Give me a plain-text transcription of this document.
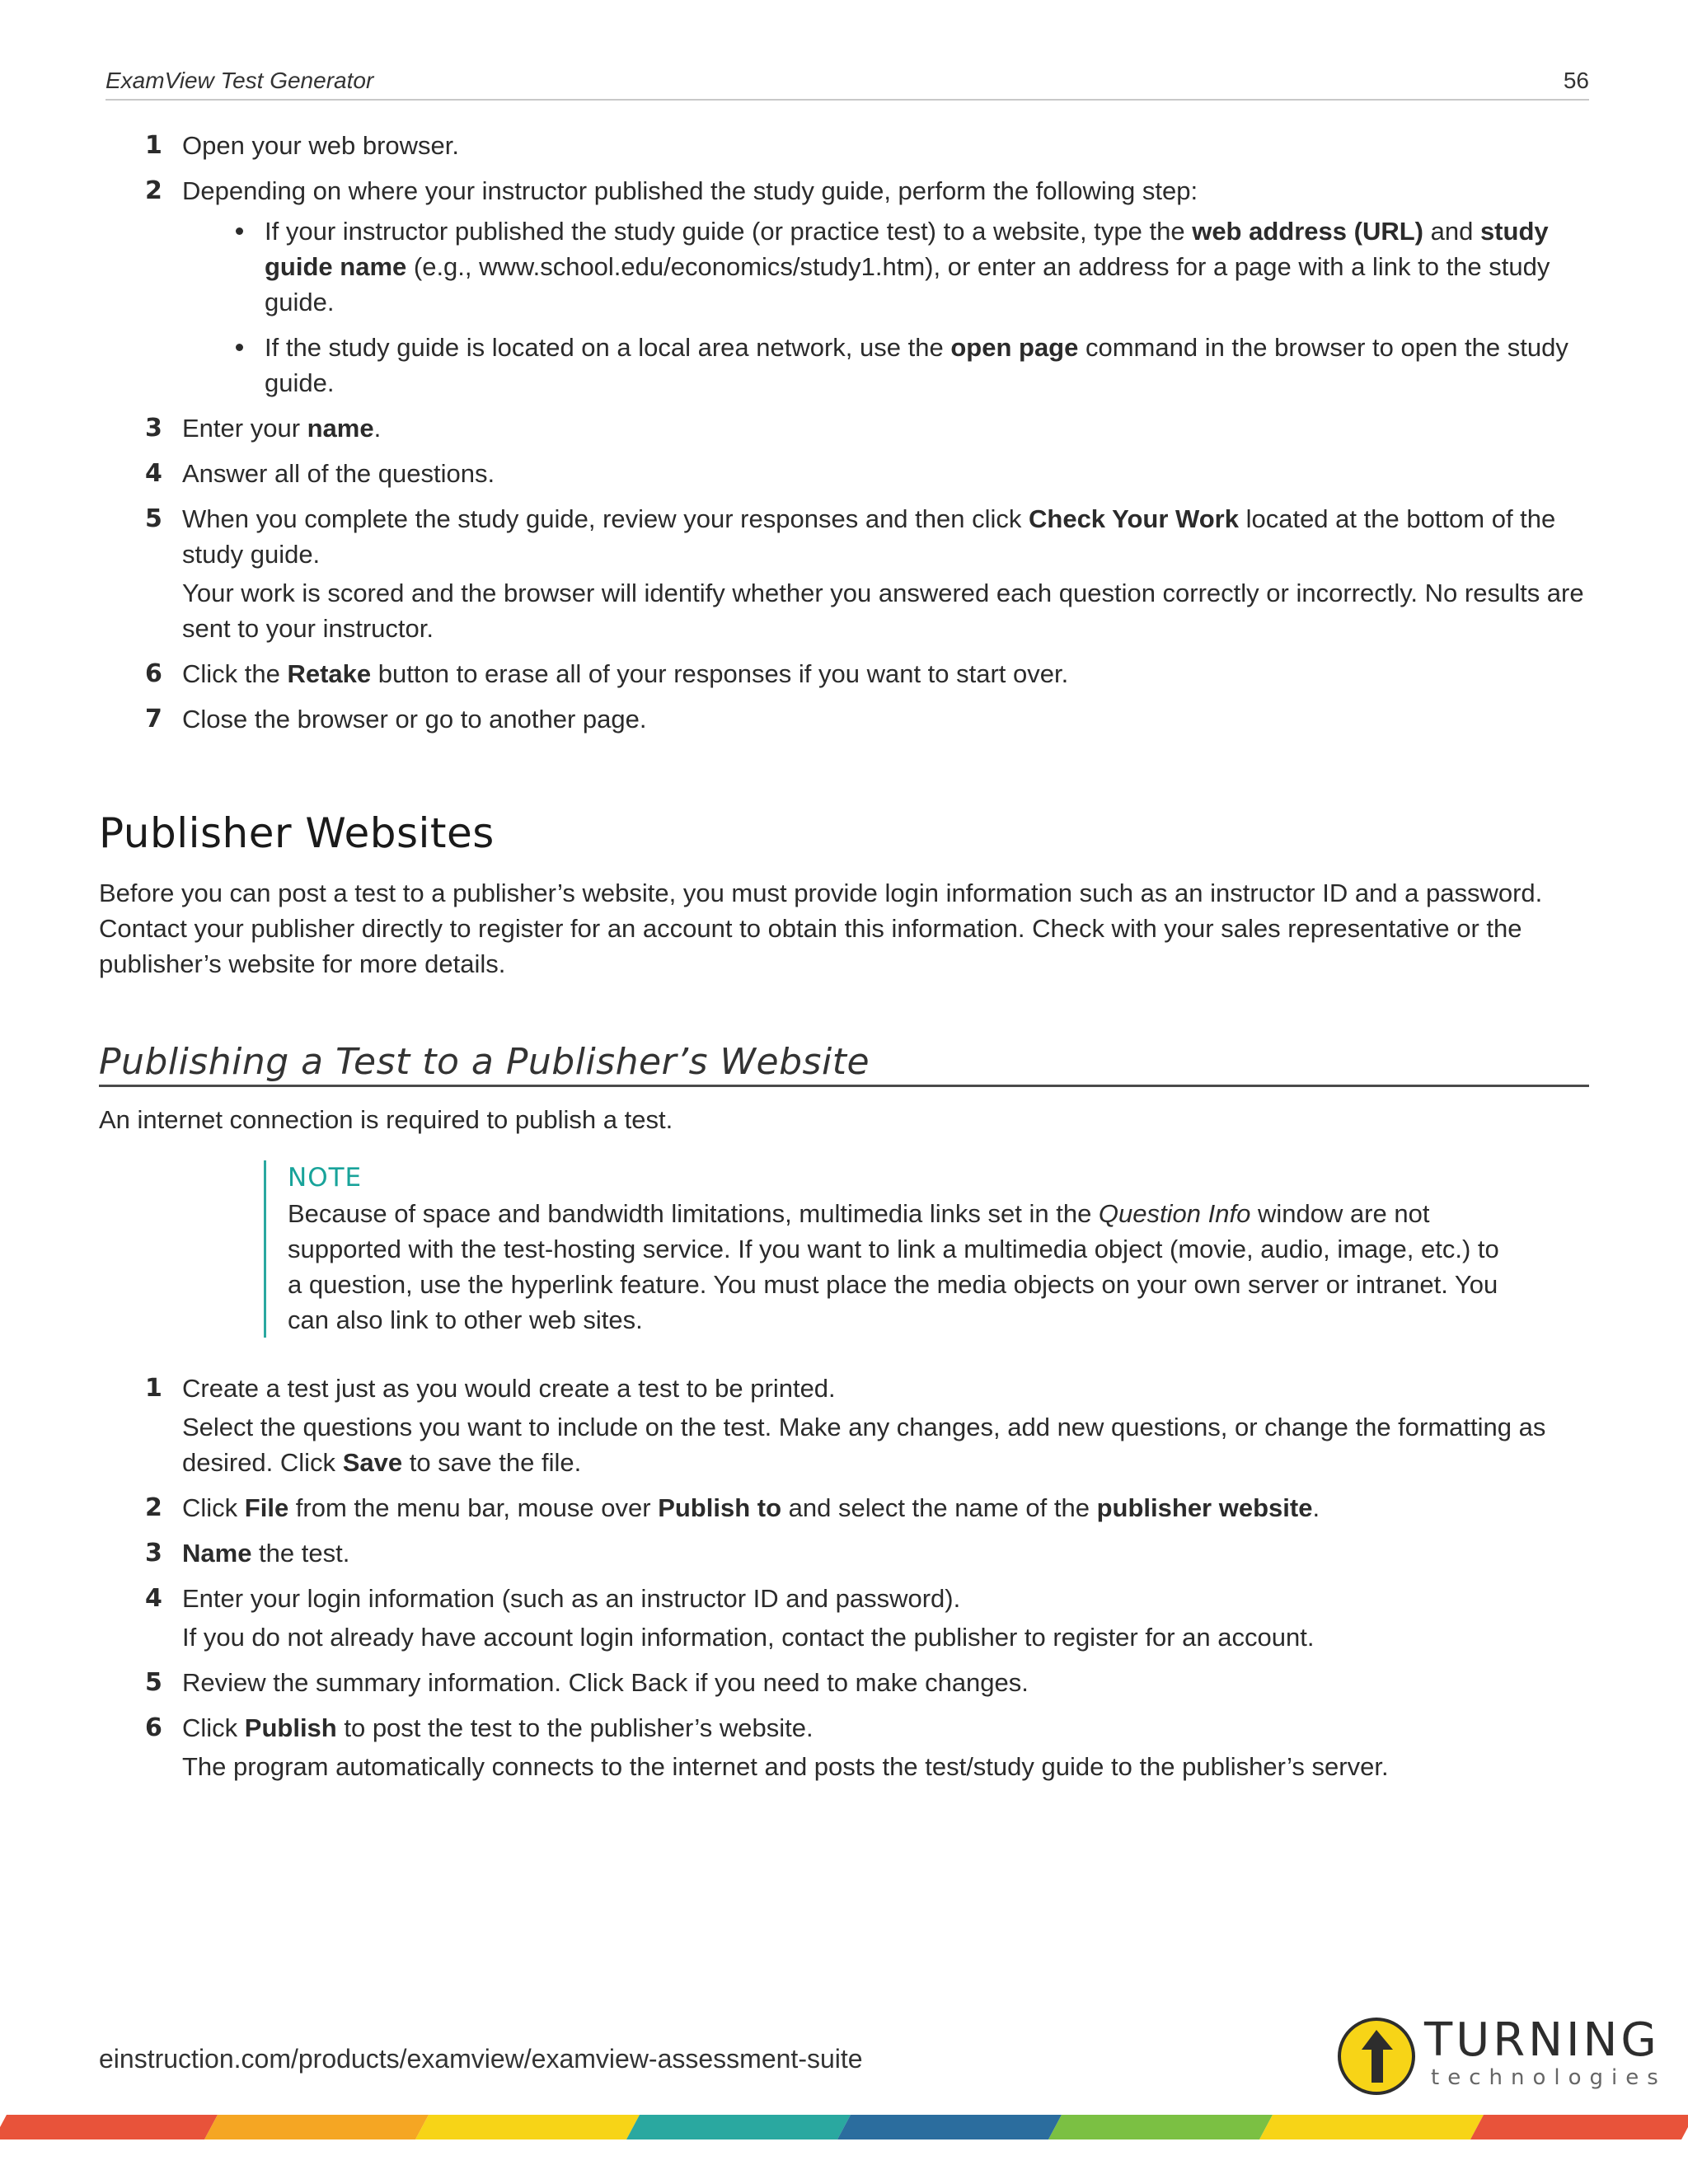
ExamView Test Generator	56
1 Open your web browser.
2 Depending on where your instructor published the study guide, perform the following step:
If your instructor published the study guide (or practice test) to a website, type the web address (URL) and study guide name (e.g., www.school.edu/economics/study1.htm), or enter an address for a page with a link to the study guide.
If the study guide is located on a local area network, use the open page command in the browser to open the study guide.
3 Enter your name.
4 Answer all of the questions.
5 When you complete the study guide, review your responses and then click Check Your Work located at the bottom of the study guide.
Your work is scored and the browser will identify whether you answered each question correctly or incorrectly. No results are sent to your instructor.
6 Click the Retake button to erase all of your responses if you want to start over.
7 Close the browser or go to another page.
Publisher Websites

Before you can post a test to a publisher’s website, you must provide login information such as an instructor ID and a password. Contact your publisher directly to register for an account to obtain this information. Check with your sales representative or the publisher’s website for more details.

Publishing a Test to a Publisher’s Website

An internet connection is required to publish a test.

NOTE
Because of space and bandwidth limitations, multimedia links set in the Question Info window are not supported with the test-hosting service. If you want to link a multimedia object (movie, audio, image, etc.) to a question, use the hyperlink feature. You must place the media objects on your own server or intranet. You can also link to other web sites.
1 Create a test just as you would create a test to be printed.
Select the questions you want to include on the test. Make any changes, add new questions, or change the formatting as desired. Click Save to save the file.
2 Click File from the menu bar, mouse over Publish to and select the name of the publisher website.
3 Name the test.
4 Enter your login information (such as an instructor ID and password).
If you do not already have account login information, contact the publisher to register for an account.
5 Review the summary information. Click Back if you need to make changes.
6 Click Publish to post the test to the publisher’s website.
The program automatically connects to the internet and posts the test/study guide to the publisher’s server.
einstruction.com/products/examview/examview-assessment-suite	TURNING
technologies
